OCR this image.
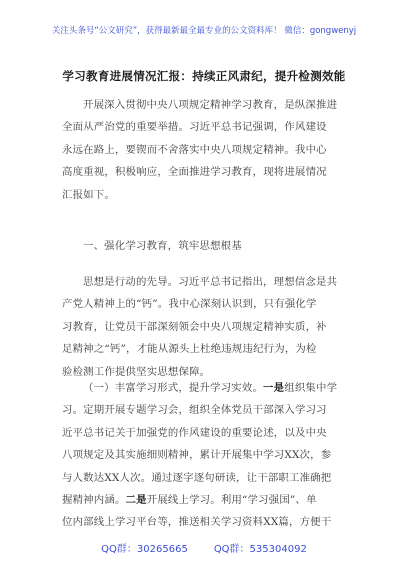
关注头条号“公文研究”，获得最新最全最专业的公文资料库！ 微信：gongwenyj
学习教育进展情况汇报：持续正风肃纪，提升检测效能
开展深入贯彻中央八项规定精神学习教育，是纵深推进
全面从严治党的重要举措。习近平总书记强调，作风建设
永远在路上，要锲而不舍落实中央八项规定精神。我中心
高度重视，积极响应，全面推进学习教育，现将进展情况
汇报如下。
一、强化学习教育，筑牢思想根基
思想是行动的先导。习近平总书记指出，理想信念是共
产党人精神上的“钙”。我中心深刻认识到，只有强化学
习教育，让党员干部深刻领会中央八项规定精神实质，补
足精神之“钙”，才能从源头上杜绝违规违纪行为，为检
验检测工作提供坚实思想保障。
（一）丰富学习形式，提升学习实效。一是组织集中学
习。定期开展专题学习会，组织全体党员干部深入学习习
近平总书记关于加强党的作风建设的重要论述，以及中央
八项规定及其实施细则精神，累计开展集中学习XX次，参
与人数达XX人次。通过逐字逐句研读，让干部职工准确把
握精神内涵。二是开展线上学习。利用“学习强国”、单
位内部线上学习平台等，推送相关学习资料XX篇，方便干
QQ群：30265665	QQ群：535304092
